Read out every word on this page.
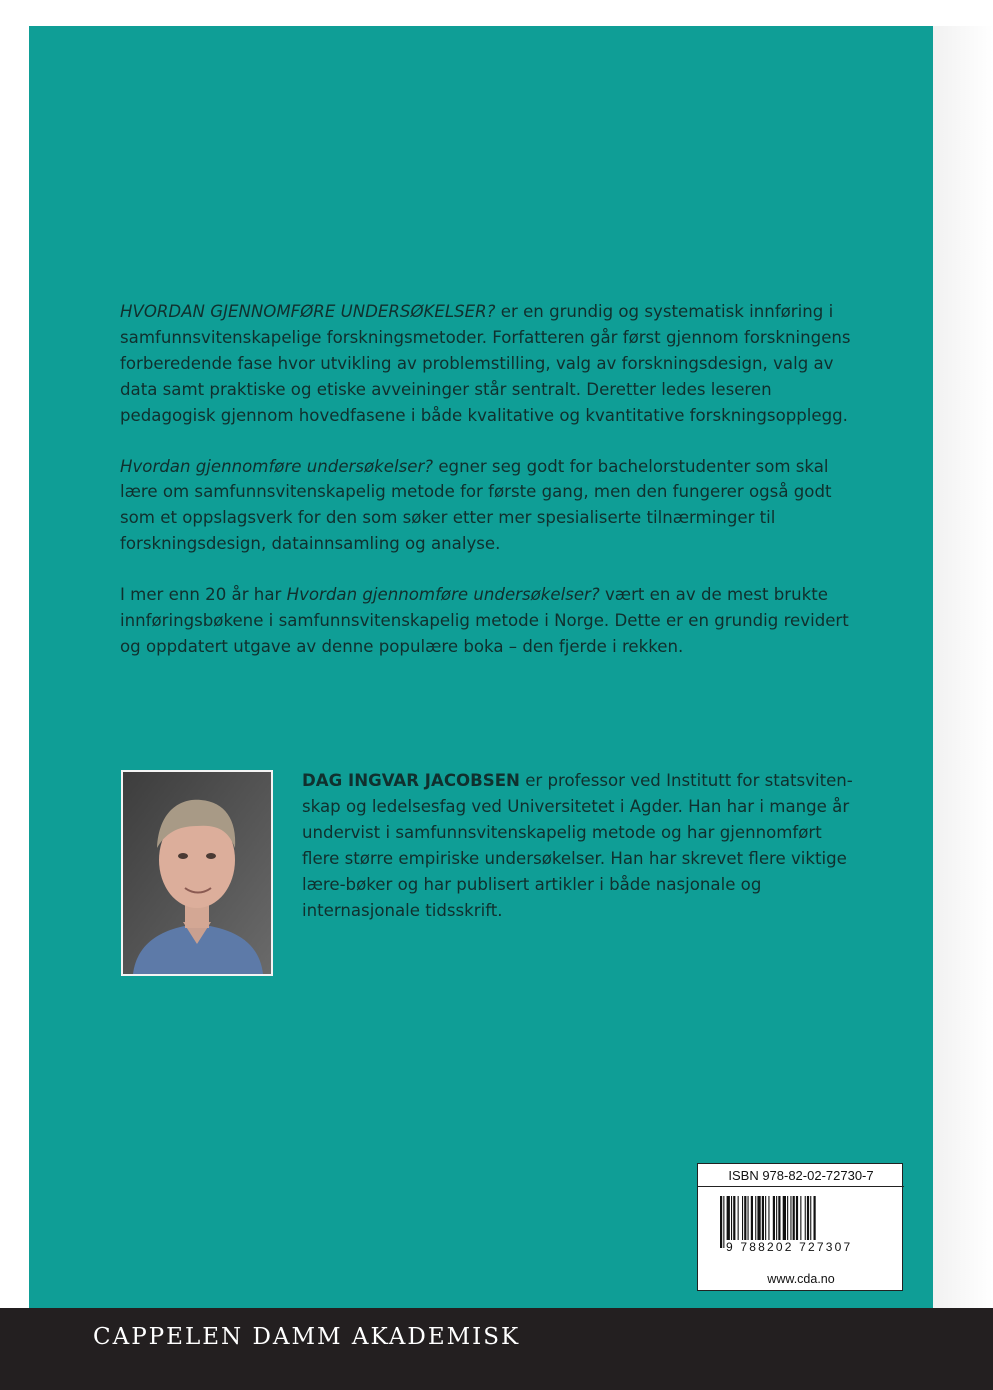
HVORDAN GJENNOMFØRE UNDERSØKELSER? er en grundig og systematisk innføring i samfunnsvitenskapelige forskningsmetoder. Forfatteren går først gjennom forskningens forberedende fase hvor utvikling av problemstilling, valg av forskningsdesign, valg av data samt praktiske og etiske avveininger står sentralt. Deretter ledes leseren pedagogisk gjennom hovedfasene i både kvalitative og kvantitative forskningsopplegg.

Hvordan gjennomføre undersøkelser? egner seg godt for bachelorstudenter som skal lære om samfunnsvitenskapelig metode for første gang, men den fungerer også godt som et oppslagsverk for den som søker etter mer spesialiserte tilnærminger til forskningsdesign, datainnsamling og analyse.

I mer enn 20 år har Hvordan gjennomføre undersøkelser? vært en av de mest brukte innføringsbøkene i samfunnsvitenskapelig metode i Norge. Dette er en grundig revidert og oppdatert utgave av denne populære boka – den fjerde i rekken.

DAG INGVAR JACOBSEN er professor ved Institutt for statsviten-skap og ledelsesfag ved Universitetet i Agder. Han har i mange år undervist i samfunnsvitenskapelig metode og har gjennomført flere større empiriske undersøkelser. Han har skrevet flere viktige lære-bøker og har publisert artikler i både nasjonale og internasjonale tidsskrift.
ISBN 978-82-02-72730-7
9 788202 727307
www.cda.no
CAPPELEN DAMM AKADEMISK
